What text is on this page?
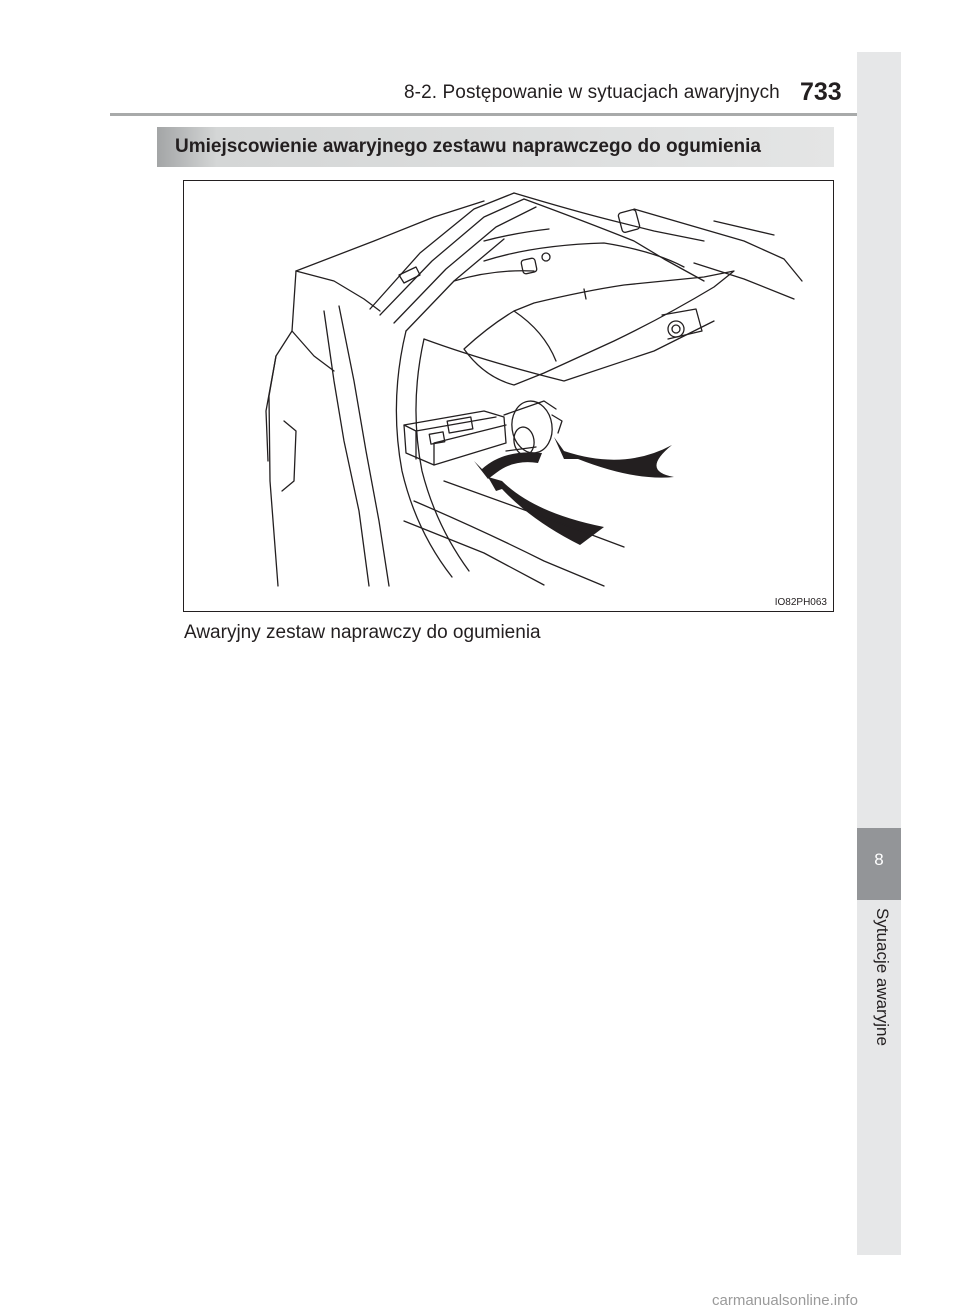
8-2. Postępowanie w sytuacjach awaryjnych 733
8
Sytuacje awaryjne
Umiejscowienie awaryjnego zestawu naprawczego do ogumienia
IO82PH063
Awaryjny zestaw naprawczy do ogumienia
carmanualsonline.info
